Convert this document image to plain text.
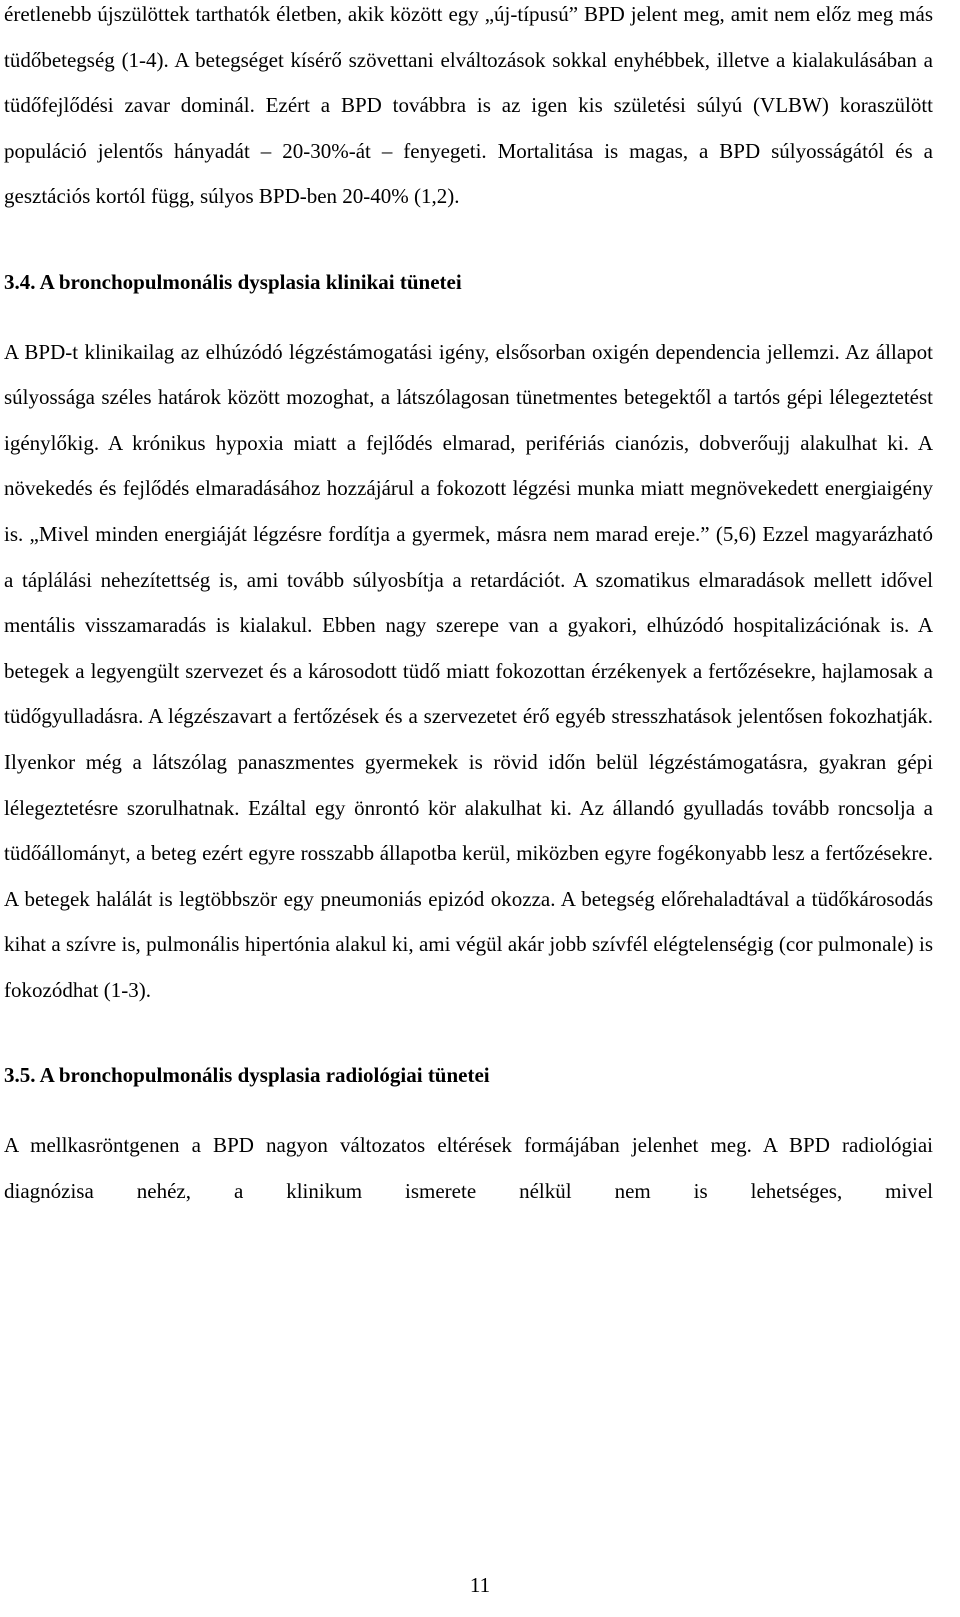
éretlenebb újszülöttek tarthatók életben, akik között egy „új-típusú” BPD jelent meg, amit nem előz meg más tüdőbetegség (1-4). A betegséget kísérő szövettani elváltozások sokkal enyhébbek, illetve a kialakulásában a tüdőfejlődési zavar dominál. Ezért a BPD továbbra is az igen kis születési súlyú (VLBW) koraszülött populáció jelentős hányadát – 20-30%-át – fenyegeti. Mortalitása is magas, a BPD súlyosságától és a gesztációs kortól függ, súlyos BPD-ben 20-40% (1,2).

3.4. A bronchopulmonális dysplasia klinikai tünetei

A BPD-t klinikailag az elhúzódó légzéstámogatási igény, elsősorban oxigén dependencia jellemzi. Az állapot súlyossága széles határok között mozoghat, a látszólagosan tünetmentes betegektől a tartós gépi lélegeztetést igénylőkig. A krónikus hypoxia miatt a fejlődés elmarad, perifériás cianózis, dobverőujj alakulhat ki. A növekedés és fejlődés elmaradásához hozzájárul a fokozott légzési munka miatt megnövekedett energiaigény is. „Mivel minden energiáját légzésre fordítja a gyermek, másra nem marad ereje.” (5,6) Ezzel magyarázható a táplálási nehezítettség is, ami tovább súlyosbítja a retardációt. A szomatikus elmaradások mellett idővel mentális visszamaradás is kialakul. Ebben nagy szerepe van a gyakori, elhúzódó hospitalizációnak is. A betegek a legyengült szervezet és a károsodott tüdő miatt fokozottan érzékenyek a fertőzésekre, hajlamosak a tüdőgyulladásra. A légzészavart a fertőzések és a szervezetet érő egyéb stresszhatások jelentősen fokozhatják. Ilyenkor még a látszólag panaszmentes gyermekek is rövid időn belül légzéstámogatásra, gyakran gépi lélegeztetésre szorulhatnak. Ezáltal egy önrontó kör alakulhat ki. Az állandó gyulladás tovább roncsolja a tüdőállományt, a beteg ezért egyre rosszabb állapotba kerül, miközben egyre fogékonyabb lesz a fertőzésekre. A betegek halálát is legtöbbször egy pneumoniás epizód okozza. A betegség előrehaladtával a tüdőkárosodás kihat a szívre is, pulmonális hipertónia alakul ki, ami végül akár jobb szívfél elégtelenségig (cor pulmonale) is fokozódhat (1-3).

3.5. A bronchopulmonális dysplasia radiológiai tünetei

A mellkasröntgenen a BPD nagyon változatos eltérések formájában jelenhet meg. A BPD radiológiai diagnózisa nehéz, a klinikum ismerete nélkül nem is lehetséges, mivel

11
